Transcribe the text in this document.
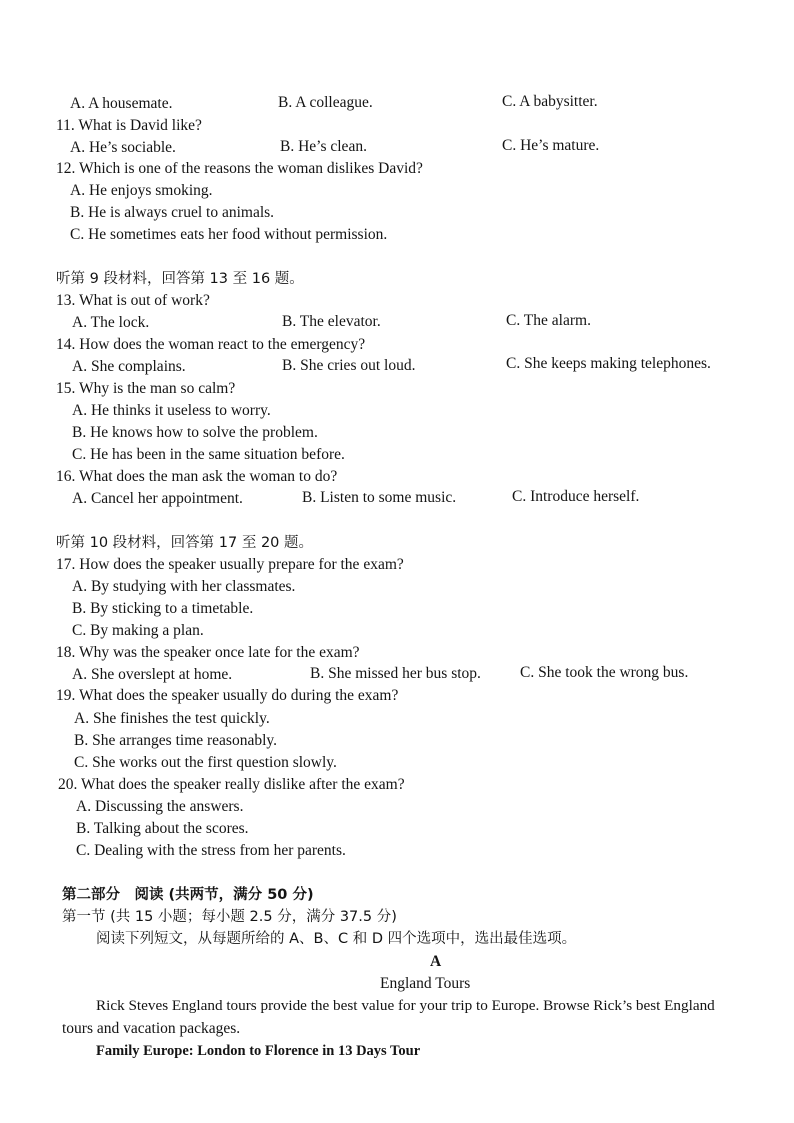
A. A housemate.	B. A colleague.	C. A babysitter.
11. What is David like?
A. He’s sociable.	B. He’s clean.	C. He’s mature.
12. Which is one of the reasons the woman dislikes David?
A. He enjoys smoking.
B. He is always cruel to animals.
C. He sometimes eats her food without permission.
听第 9 段材料，回答第 13 至 16 题。
13. What is out of work?
A. The lock.	B. The elevator.	C. The alarm.
14. How does the woman react to the emergency?
A. She complains.	B. She cries out loud.	C. She keeps making telephones.
15. Why is the man so calm?
A. He thinks it useless to worry.
B. He knows how to solve the problem.
C. He has been in the same situation before.
16. What does the man ask the woman to do?
A. Cancel her appointment.	B. Listen to some music.	C. Introduce herself.
听第 10 段材料，回答第 17 至 20 题。
17. How does the speaker usually prepare for the exam?
A. By studying with her classmates.
B. By sticking to a timetable.
C. By making a plan.
18. Why was the speaker once late for the exam?
A. She overslept at home.	B. She missed her bus stop.	C. She took the wrong bus.
19. What does the speaker usually do during the exam?
A. She finishes the test quickly.
B. She arranges time reasonably.
C. She works out the first question slowly.
20. What does the speaker really dislike after the exam?
A. Discussing the answers.
B. Talking about the scores.
C. Dealing with the stress from her parents.
第二部分　阅读 (共两节，满分 50 分)
第一节 (共 15 小题；每小题 2.5 分，满分 37.5 分)
阅读下列短文，从每题所给的 A、B、C 和 D 四个选项中，选出最佳选项。
A
England Tours
Rick Steves England tours provide the best value for your trip to Europe. Browse Rick’s best England
tours and vacation packages.
Family Europe: London to Florence in 13 Days Tour
